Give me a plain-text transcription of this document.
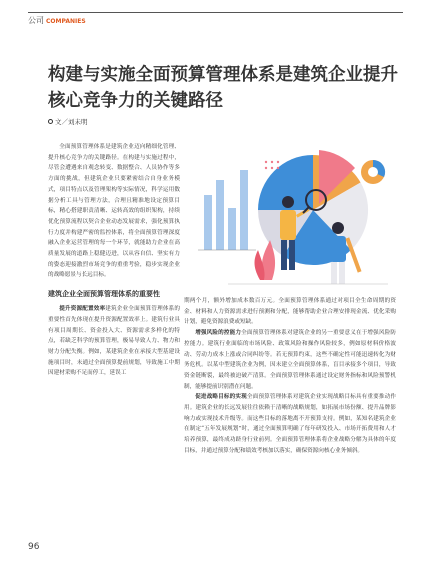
公司 COMPANIES
构建与实施全面预算管理体系是建筑企业提升核心竞争力的关键路径
文／刘未明

全面预算管理体系是建筑企业迈向精细化管理、提升核心竞争力的关键路径。在构建与实施过程中，尽管会遭遇来自观念转变、数据整合、人员协作等多方面的挑战，但建筑企业只要紧密结合自身业务模式，项目特点以及管理架构等实际情况，科学运用数据分析工具与管理方法，合理且精准地设定预算目标，精心搭建职责清晰、运转高效的组织架构，持续优化预算流程以契合企业动态发展需求，强化预算执行力度并构建严密的监控体系，将全面预算管理深度融入企业运营管理的每一个环节，就能助力企业在高质量发展的道路上稳健迈进，以从容自信、坚实有力的姿态迎接激烈市场竞争的重重考验，稳步实现企业的战略愿景与长远目标。

建筑企业全面预算管理体系的重要性

提升资源配置效率建筑企业全面预算管理体系的重要性首先体现在提升资源配置效率上。建筑行业具有项目周期长、资金投入大、资源需求多样化的特点，若缺乏科学的预算管理，极易导致人力、物力和财力分配失衡。例如，某建筑企业在承接大型基建设施项目时，未通过全面预算提前规划，导致施工中期因建材采购不足而停工，延误工

期两个月，额外增加成本数百万元。全面预算管理体系通过对项目全生命周期的资金、材料和人力资源需求进行预测和分配，能够帮助企业合理安排现金流、优化采购计划，避免资源浪费或短缺。

增强风险的控能力全面预算管理体系对建筑企业的另一重要意义在于增强风险防控能力。建筑行业面临的市场风险、政策风险和操作风险较多，例如原材料价格波动、劳动力成本上涨或合同纠纷等。若无预算约束，这些不确定性可能迅速转化为财务危机。以某中型建筑企业为例，因未建立全面预算体系，盲目承接多个项目，导致资金链断裂，最终被迫破产清算。全面预算管理体系通过设定财务指标和风险预警机制，能够提前识别潜在问题。

促进战略目标的实现全面预算管理体系对建筑企业实现战略目标具有重要推动作用。建筑企业的长远发展往往依赖于清晰的战略规划，如拓展市场份额、提升品牌影响力或实现技术升级等。而这些目标的落地离不开预算支持。例如，某知名建筑企业在制定“五年发展规划”时，通过全面预算明确了每年研发投入、市场开拓费用和人才培养预算，最终成功跻身行业前列。全面预算管理体系将企业战略分解为具体的年度目标，并通过预算分配和绩效考核加以落实，确保资源向核心业务倾斜。

96
